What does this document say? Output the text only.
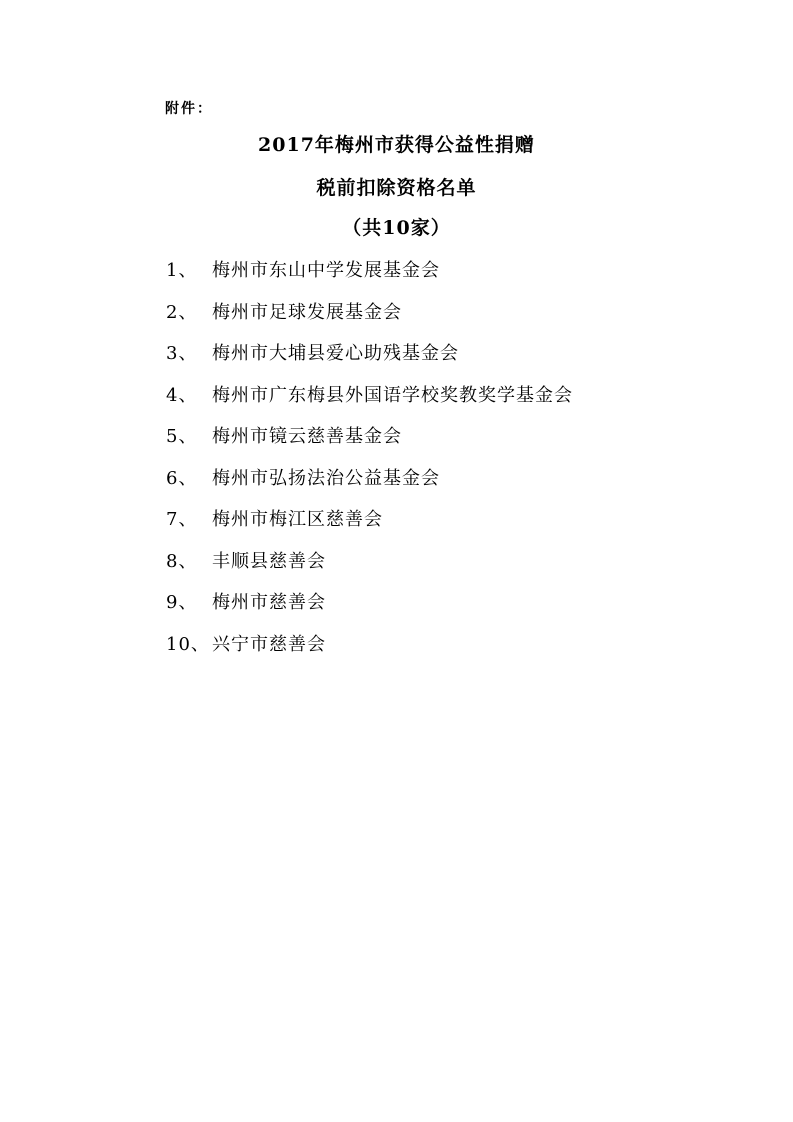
附件：
2017年梅州市获得公益性捐赠
税前扣除资格名单
（共10家）
1、 梅州市东山中学发展基金会
2、 梅州市足球发展基金会
3、 梅州市大埔县爱心助残基金会
4、 梅州市广东梅县外国语学校奖教奖学基金会
5、 梅州市镜云慈善基金会
6、 梅州市弘扬法治公益基金会
7、 梅州市梅江区慈善会
8、 丰顺县慈善会
9、 梅州市慈善会
10、 兴宁市慈善会
